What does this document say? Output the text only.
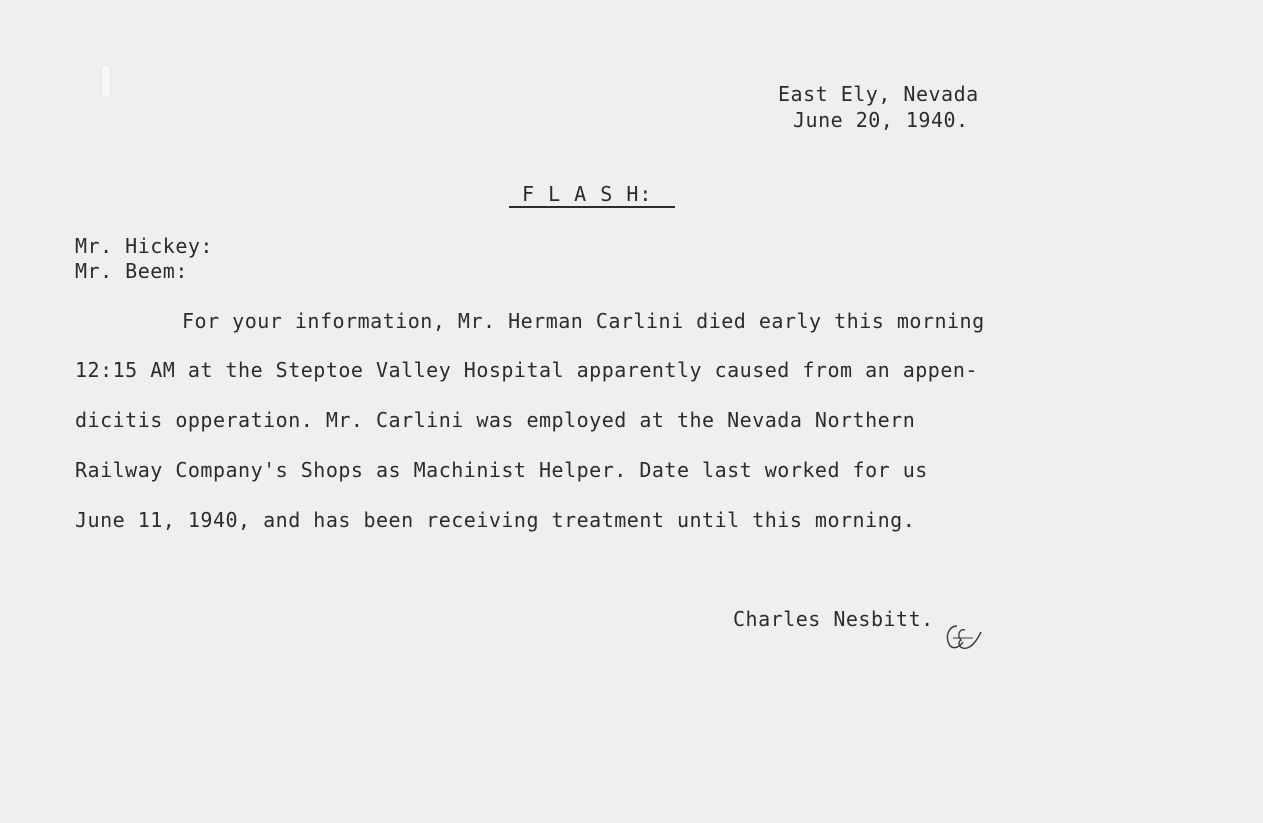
East Ely, Nevada
June 20, 1940.
F L A S H:
Mr. Hickey:
Mr. Beem:
For your information, Mr. Herman Carlini died early this morning
12:15 AM at the Steptoe Valley Hospital apparently caused from an appen-
dicitis opperation. Mr. Carlini was employed at the Nevada Northern
Railway Company's Shops as Machinist Helper. Date last worked for us
June 11, 1940, and has been receiving treatment until this morning.
Charles Nesbitt.
